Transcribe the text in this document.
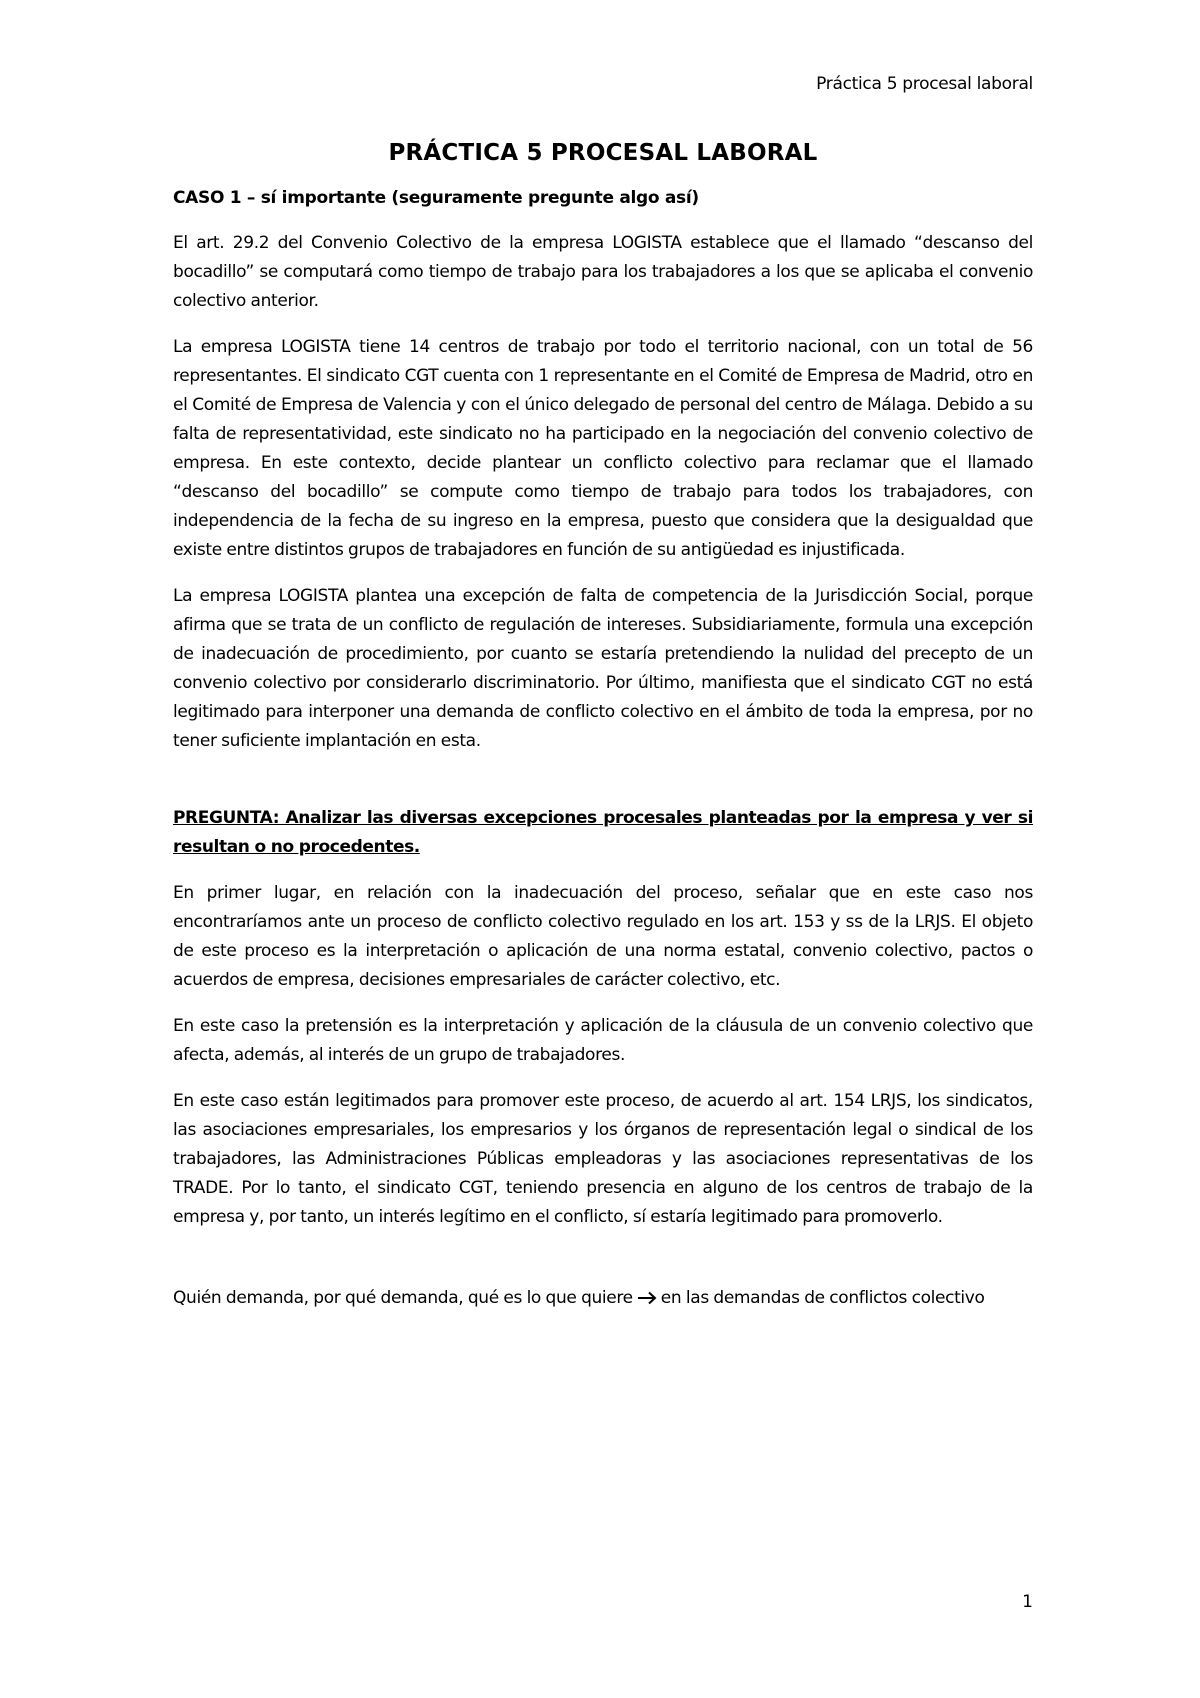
Práctica 5 procesal laboral
PRÁCTICA 5 PROCESAL LABORAL
CASO 1 – sí importante (seguramente pregunte algo así)

El art. 29.2 del Convenio Colectivo de la empresa LOGISTA establece que el llamado “descanso del bocadillo” se computará como tiempo de trabajo para los trabajadores a los que se aplicaba el convenio colectivo anterior.

La empresa LOGISTA tiene 14 centros de trabajo por todo el territorio nacional, con un total de 56 representantes. El sindicato CGT cuenta con 1 representante en el Comité de Empresa de Madrid, otro en el Comité de Empresa de Valencia y con el único delegado de personal del centro de Málaga. Debido a su falta de representatividad, este sindicato no ha participado en la negociación del convenio colectivo de empresa. En este contexto, decide plantear un conflicto colectivo para reclamar que el llamado “descanso del bocadillo” se compute como tiempo de trabajo para todos los trabajadores, con independencia de la fecha de su ingreso en la empresa, puesto que considera que la desigualdad que existe entre distintos grupos de trabajadores en función de su antigüedad es injustificada.

La empresa LOGISTA plantea una excepción de falta de competencia de la Jurisdicción Social, porque afirma que se trata de un conflicto de regulación de intereses. Subsidiariamente, formula una excepción de inadecuación de procedimiento, por cuanto se estaría pretendiendo la nulidad del precepto de un convenio colectivo por considerarlo discriminatorio. Por último, manifiesta que el sindicato CGT no está legitimado para interponer una demanda de conflicto colectivo en el ámbito de toda la empresa, por no tener suficiente implantación en esta.

PREGUNTA: Analizar las diversas excepciones procesales planteadas por la empresa y ver si resultan o no procedentes.

En primer lugar, en relación con la inadecuación del proceso, señalar que en este caso nos encontraríamos ante un proceso de conflicto colectivo regulado en los art. 153 y ss de la LRJS. El objeto de este proceso es la interpretación o aplicación de una norma estatal, convenio colectivo, pactos o acuerdos de empresa, decisiones empresariales de carácter colectivo, etc.

En este caso la pretensión es la interpretación y aplicación de la cláusula de un convenio colectivo que afecta, además, al interés de un grupo de trabajadores.

En este caso están legitimados para promover este proceso, de acuerdo al art. 154 LRJS, los sindicatos, las asociaciones empresariales, los empresarios y los órganos de representación legal o sindical de los trabajadores, las Administraciones Públicas empleadoras y las asociaciones representativas de los TRADE. Por lo tanto, el sindicato CGT, teniendo presencia en alguno de los centros de trabajo de la empresa y, por tanto, un interés legítimo en el conflicto, sí estaría legitimado para promoverlo.

Quién demanda, por qué demanda, qué es lo que quiere en las demandas de conflictos colectivo

1
